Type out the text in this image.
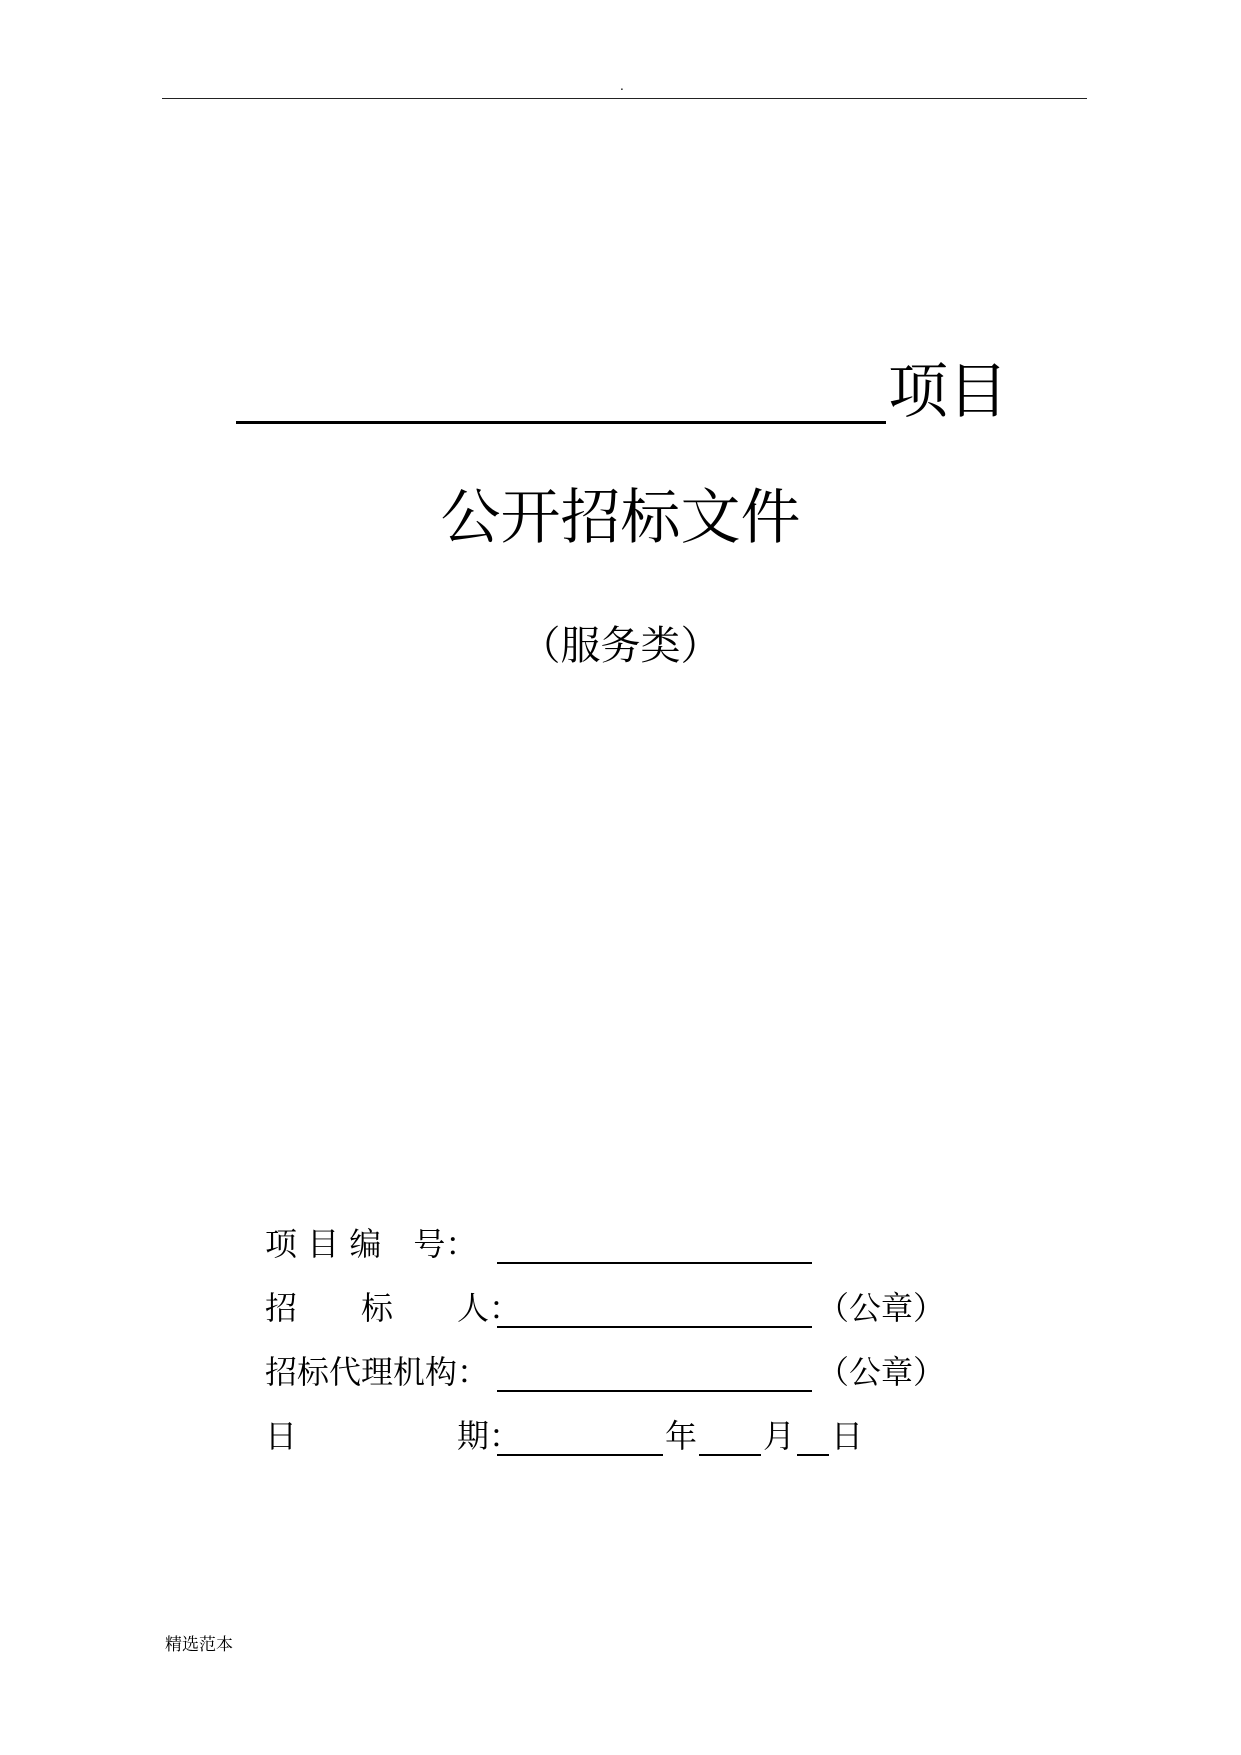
.
项目
公开招标文件
（服务类）
项 目 编　号：
招　　标　　人：	（公章）
招标代理机构：	（公章）
日　　　　　期：	年 月 日
精选范本
